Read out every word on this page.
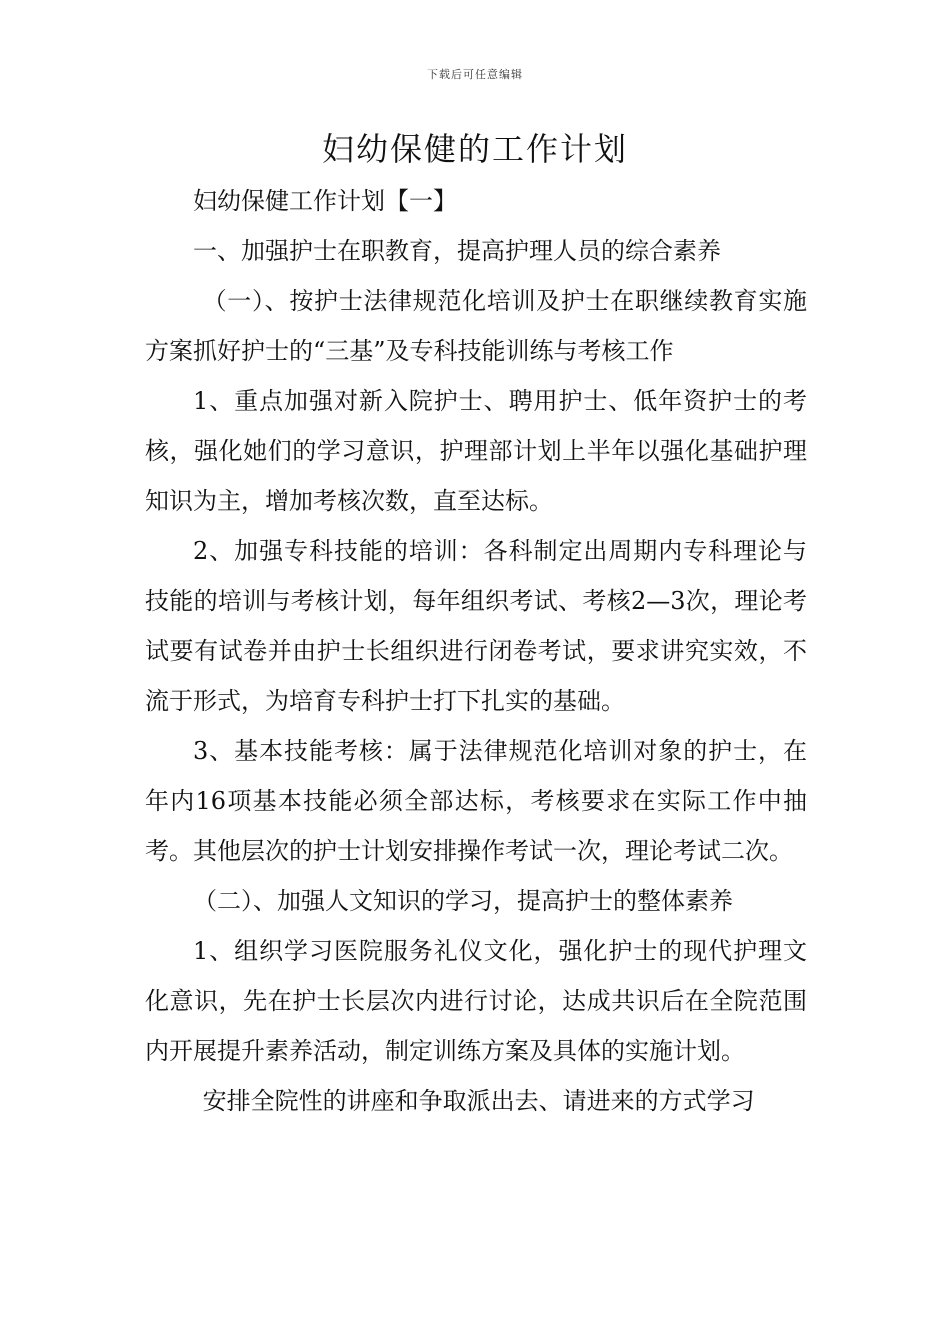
下载后可任意编辑
妇幼保健的工作计划

妇幼保健工作计划【一】

一、加强护士在职教育，提高护理人员的综合素养

（一）、按护士法律规范化培训及护士在职继续教育实施方案抓好护士的“三基”及专科技能训练与考核工作

1、重点加强对新入院护士、聘用护士、低年资护士的考核，强化她们的学习意识，护理部计划上半年以强化基础护理知识为主，增加考核次数，直至达标。

2、加强专科技能的培训：各科制定出周期内专科理论与技能的培训与考核计划，每年组织考试、考核2—3次，理论考试要有试卷并由护士长组织进行闭卷考试，要求讲究实效，不流于形式，为培育专科护士打下扎实的基础。

3、基本技能考核：属于法律规范化培训对象的护士，在年内16项基本技能必须全部达标，考核要求在实际工作中抽考。其他层次的护士计划安排操作考试一次，理论考试二次。

（二）、加强人文知识的学习，提高护士的整体素养

1、组织学习医院服务礼仪文化，强化护士的现代护理文化意识，先在护士长层次内进行讨论，达成共识后在全院范围内开展提升素养活动，制定训练方案及具体的实施计划。

安排全院性的讲座和争取派出去、请进来的方式学习
